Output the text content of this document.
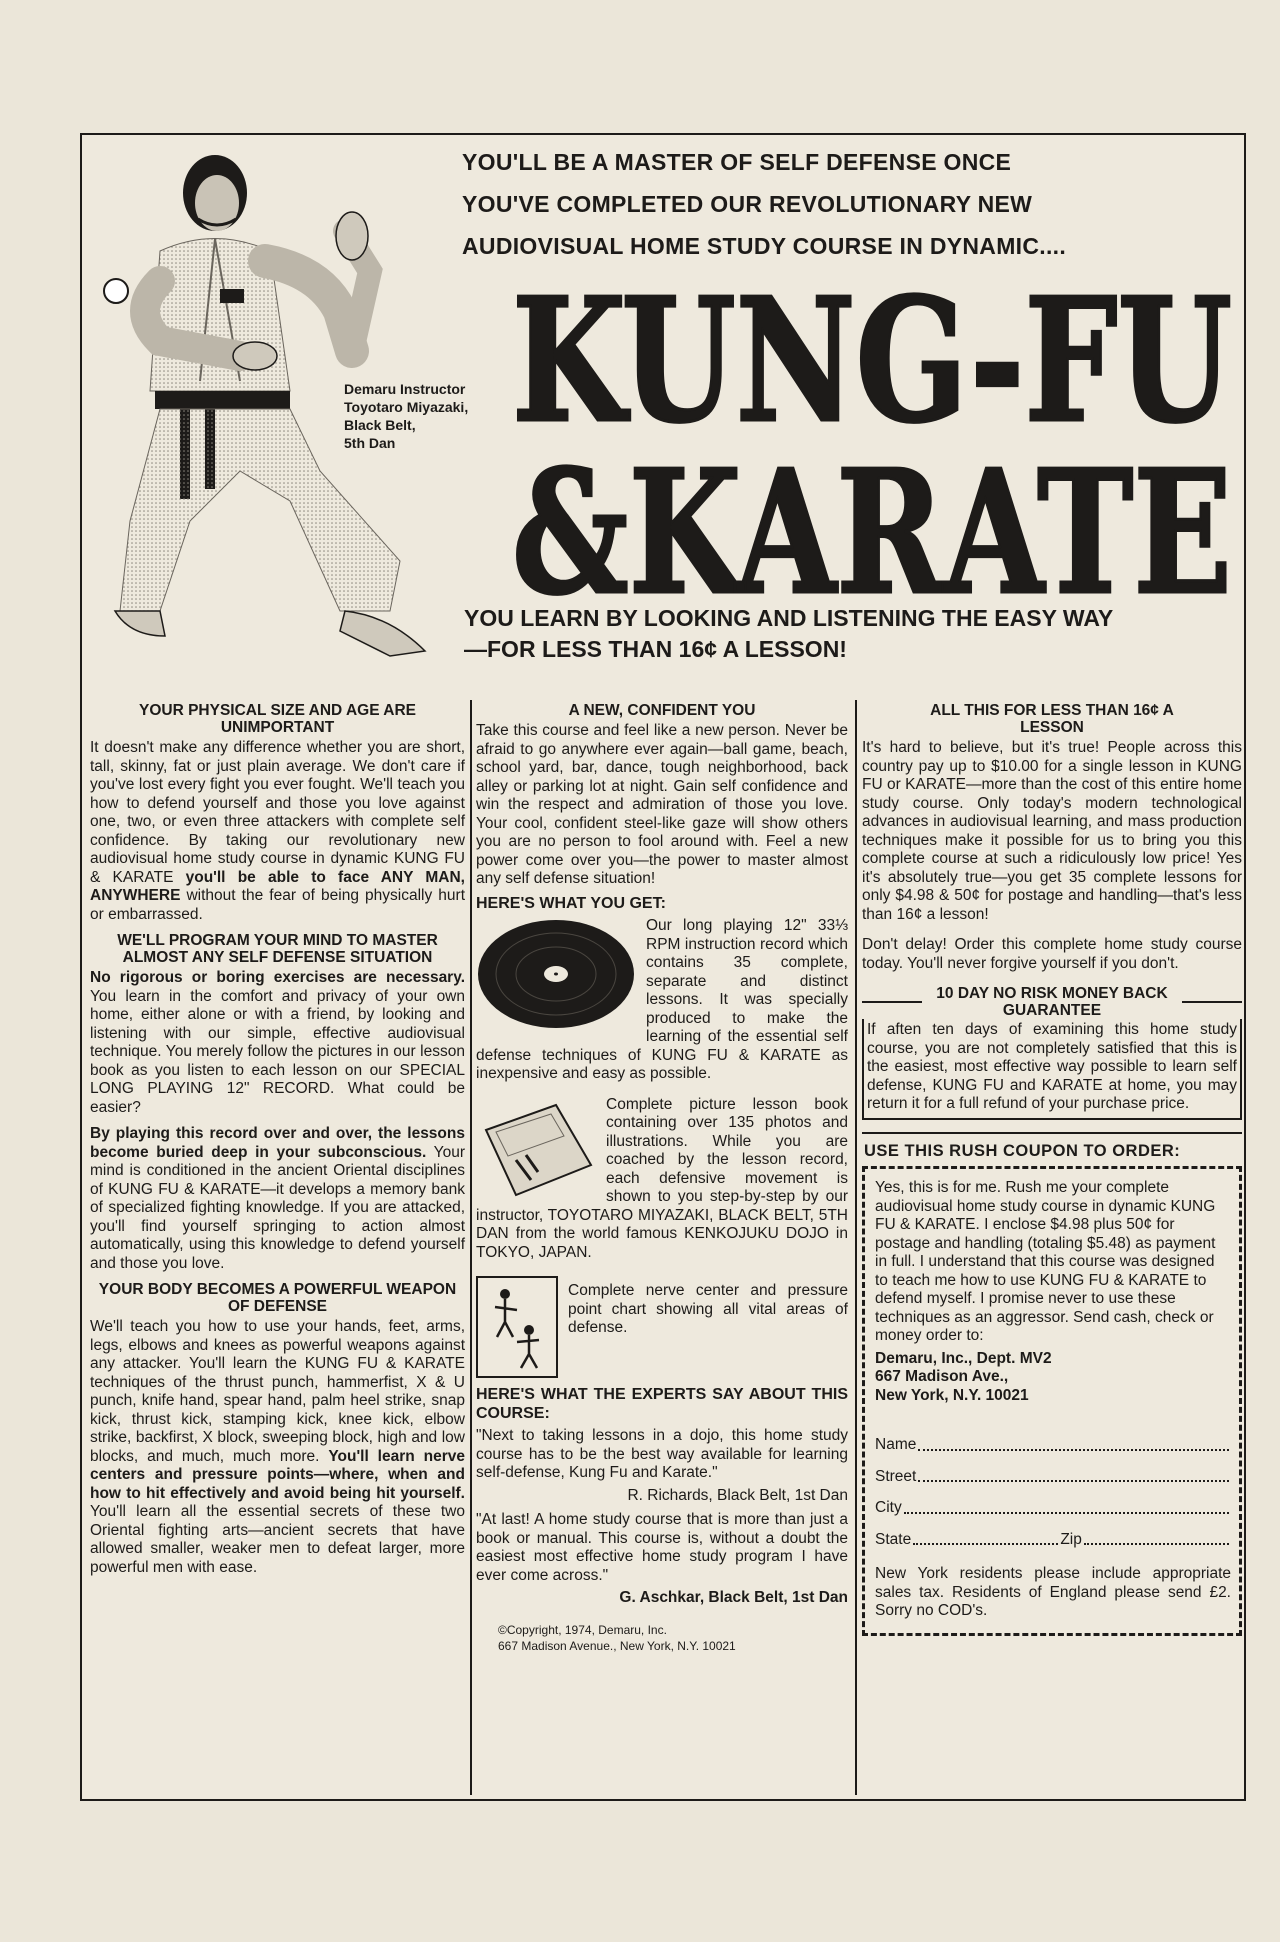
Demaru Instructor
Toyotaro Miyazaki,
Black Belt,
5th Dan
YOU'LL BE A MASTER OF SELF DEFENSE ONCE
YOU'VE COMPLETED OUR REVOLUTIONARY NEW
AUDIOVISUAL HOME STUDY COURSE IN DYNAMIC....
KUNG-FU
&KARATE
YOU LEARN BY LOOKING AND LISTENING THE EASY WAY
—FOR LESS THAN 16¢ A LESSON!
YOUR PHYSICAL SIZE AND AGE ARE UNIMPORTANT

It doesn't make any difference whether you are short, tall, skinny, fat or just plain average. We don't care if you've lost every fight you ever fought. We'll teach you how to defend yourself and those you love against one, two, or even three attackers with complete self confidence. By taking our revolutionary new audiovisual home study course in dynamic KUNG FU & KARATE you'll be able to face ANY MAN, ANYWHERE without the fear of being physically hurt or embarrassed.

WE'LL PROGRAM YOUR MIND TO MASTER ALMOST ANY SELF DEFENSE SITUATION

No rigorous or boring exercises are necessary. You learn in the comfort and privacy of your own home, either alone or with a friend, by looking and listening with our simple, effective audiovisual technique. You merely follow the pictures in our lesson book as you listen to each lesson on our SPECIAL LONG PLAYING 12" RECORD. What could be easier?

By playing this record over and over, the lessons become buried deep in your subconscious. Your mind is conditioned in the ancient Oriental disciplines of KUNG FU & KARATE—it develops a memory bank of specialized fighting knowledge. If you are attacked, you'll find yourself springing to action almost automatically, using this knowledge to defend yourself and those you love.

YOUR BODY BECOMES A POWERFUL WEAPON OF DEFENSE

We'll teach you how to use your hands, feet, arms, legs, elbows and knees as powerful weapons against any attacker. You'll learn the KUNG FU & KARATE techniques of the thrust punch, hammerfist, X & U punch, knife hand, spear hand, palm heel strike, snap kick, thrust kick, stamping kick, knee kick, elbow strike, backfirst, X block, sweeping block, high and low blocks, and much, much more. You'll learn nerve centers and pressure points—where, when and how to hit effectively and avoid being hit yourself. You'll learn all the essential secrets of these two Oriental fighting arts—ancient secrets that have allowed smaller, weaker men to defeat larger, more powerful men with ease.

A NEW, CONFIDENT YOU

Take this course and feel like a new person. Never be afraid to go anywhere ever again—ball game, beach, school yard, bar, dance, tough neighborhood, back alley or parking lot at night. Gain self confidence and win the respect and admiration of those you love. Your cool, confident steel-like gaze will show others you are no person to fool around with. Feel a new power come over you—the power to master almost any self defense situation!

HERE'S WHAT YOU GET:

Our long playing 12" 33⅓ RPM instruction record which contains 35 complete, separate and distinct lessons. It was specially produced to make the learning of the essential self defense techniques of KUNG FU & KARATE as inexpensive and easy as possible.

Complete picture lesson book containing over 135 photos and illustrations. While you are coached by the lesson record, each defensive movement is shown to you step-by-step by our instructor, TOYOTARO MIYAZAKI, BLACK BELT, 5TH DAN from the world famous KENKOJUKU DOJO in TOKYO, JAPAN.

Complete nerve center and pressure point chart showing all vital areas of defense.

HERE'S WHAT THE EXPERTS SAY ABOUT THIS COURSE:

"Next to taking lessons in a dojo, this home study course has to be the best way available for learning self-defense, Kung Fu and Karate."

R. Richards, Black Belt, 1st Dan

"At last! A home study course that is more than just a book or manual. This course is, without a doubt the easiest most effective home study program I have ever come across."

G. Aschkar, Black Belt, 1st Dan
©Copyright, 1974, Demaru, Inc.
667 Madison Avenue., New York, N.Y. 10021
ALL THIS FOR LESS THAN 16¢ A LESSON

It's hard to believe, but it's true! People across this country pay up to $10.00 for a single lesson in KUNG FU or KARATE—more than the cost of this entire home study course. Only today's modern technological advances in audiovisual learning, and mass production techniques make it possible for us to bring you this complete course at such a ridiculously low price! Yes it's absolutely true—you get 35 complete lessons for only $4.98 & 50¢ for postage and handling—that's less than 16¢ a lesson!

Don't delay! Order this complete home study course today. You'll never forgive yourself if you don't.

10 DAY NO RISK MONEY BACK GUARANTEE

If aften ten days of examining this home study course, you are not completely satisfied that this is the easiest, most effective way possible to learn self defense, KUNG FU and KARATE at home, you may return it for a full refund of your purchase price.

USE THIS RUSH COUPON TO ORDER:

Yes, this is for me. Rush me your complete audiovisual home study course in dynamic KUNG FU & KARATE. I enclose $4.98 plus 50¢ for postage and handling (totaling $5.48) as payment in full. I understand that this course was designed to teach me how to use KUNG FU & KARATE to defend myself. I promise never to use these techniques as an aggressor. Send cash, check or money order to:

Demaru, Inc., Dept. MV2
667 Madison Ave.,
New York, N.Y. 10021
Name
Street
City
State	Zip

New York residents please include appropriate sales tax. Residents of England please send £2. Sorry no COD's.
